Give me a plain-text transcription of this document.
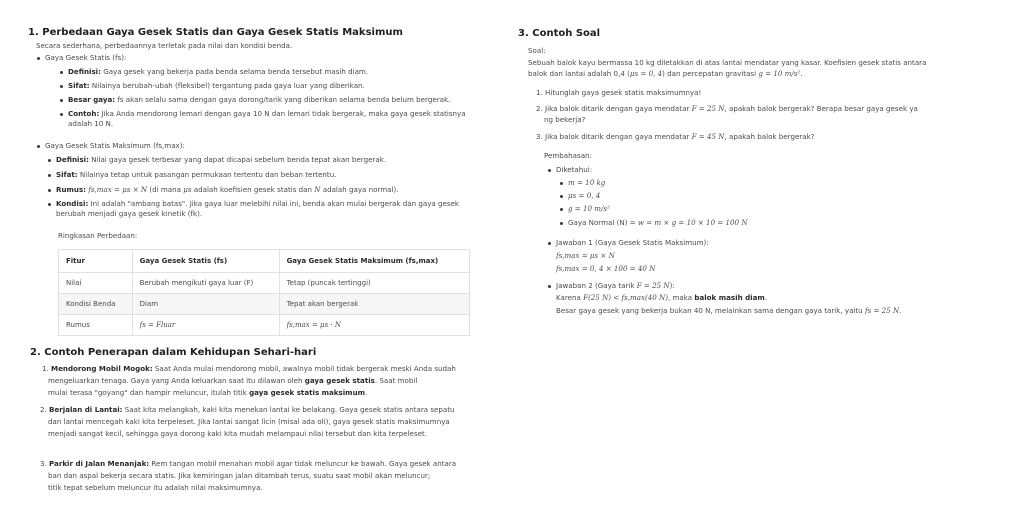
1. Perbedaan Gaya Gesek Statis dan Gaya Gesek Statis Maksimum
Secara sederhana, perbedaannya terletak pada nilai dan kondisi benda.
Gaya Gesek Statis (fs):
Definisi: Gaya gesek yang bekerja pada benda selama benda tersebut masih diam.
Sifat: Nilainya berubah-ubah (fleksibel) tergantung pada gaya luar yang diberikan.
Besar gaya: fs akan selalu sama dengan gaya dorong/tarik yang diberikan selama benda belum bergerak.
Contoh: Jika Anda mendorong lemari dengan gaya 10 N dan lemari tidak bergerak, maka gaya gesek statisnya adalah 10 N.
Gaya Gesek Statis Maksimum (fs,max):
Definisi: Nilai gaya gesek terbesar yang dapat dicapai sebelum benda tepat akan bergerak.
Sifat: Nilainya tetap untuk pasangan permukaan tertentu dan beban tertentu.
Rumus: fs,max = μs × N (di mana μs adalah koefisien gesek statis dan N adalah gaya normal).
Kondisi: Ini adalah "ambang batas". Jika gaya luar melebihi nilai ini, benda akan mulai bergerak dan gaya gesek berubah menjadi gaya gesek kinetik (fk).
Ringkasan Perbedaan:
Fitur	Gaya Gesek Statis (fs)	Gaya Gesek Statis Maksimum (fs,max)
Nilai	Berubah mengikuti gaya luar (F)	Tetap (puncak tertinggi)
Kondisi Benda	Diam	Tepat akan bergerak
Rumus	fs = Fluar	fs,max = μs · N
2. Contoh Penerapan dalam Kehidupan Sehari-hari
1. Mendorong Mobil Mogok: Saat Anda mulai mendorong mobil, awalnya mobil tidak bergerak meski Anda sudah
mengeluarkan tenaga. Gaya yang Anda keluarkan saat itu dilawan oleh gaya gesek statis. Saat mobil
mulai terasa "goyang" dan hampir meluncur, itulah titik gaya gesek statis maksimum.
2. Berjalan di Lantai: Saat kita melangkah, kaki kita menekan lantai ke belakang. Gaya gesek statis antara sepatu
dan lantai mencegah kaki kita terpeleset. Jika lantai sangat licin (misal ada oli), gaya gesek statis maksimumnya
menjadi sangat kecil, sehingga gaya dorong kaki kita mudah melampaui nilai tersebut dan kita terpeleset.
3. Parkir di Jalan Menanjak: Rem tangan mobil menahan mobil agar tidak meluncur ke bawah. Gaya gesek antara
ban dan aspal bekerja secara statis. Jika kemiringan jalan ditambah terus, suatu saat mobil akan meluncur;
titik tepat sebelum meluncur itu adalah nilai maksimumnya.
3. Contoh Soal
Soal:
Sebuah balok kayu bermassa 10 kg diletakkan di atas lantai mendatar yang kasar. Koefisien gesek statis antara
balok dan lantai adalah 0,4 (μs = 0, 4) dan percepatan gravitasi g = 10 m/s².
1. Hitunglah gaya gesek statis maksimumnya!
2. Jika balok ditarik dengan gaya mendatar F = 25 N, apakah balok bergerak? Berapa besar gaya gesek ya
ng bekerja?
3. Jika balok ditarik dengan gaya mendatar F = 45 N, apakah balok bergerak?
Pembahasan:
Diketahui:
m = 10 kg
μs = 0, 4
g = 10 m/s²
Gaya Normal (N) = w = m × g = 10 × 10 = 100 N
Jawaban 1 (Gaya Gesek Statis Maksimum):
fs,max = μs × N
fs,max = 0, 4 × 100 = 40 N
Jawaban 2 (Gaya tarik F = 25 N):
Karena F(25 N) < fs,max(40 N), maka balok masih diam.
Besar gaya gesek yang bekerja bukan 40 N, melainkan sama dengan gaya tarik, yaitu fs = 25 N.
